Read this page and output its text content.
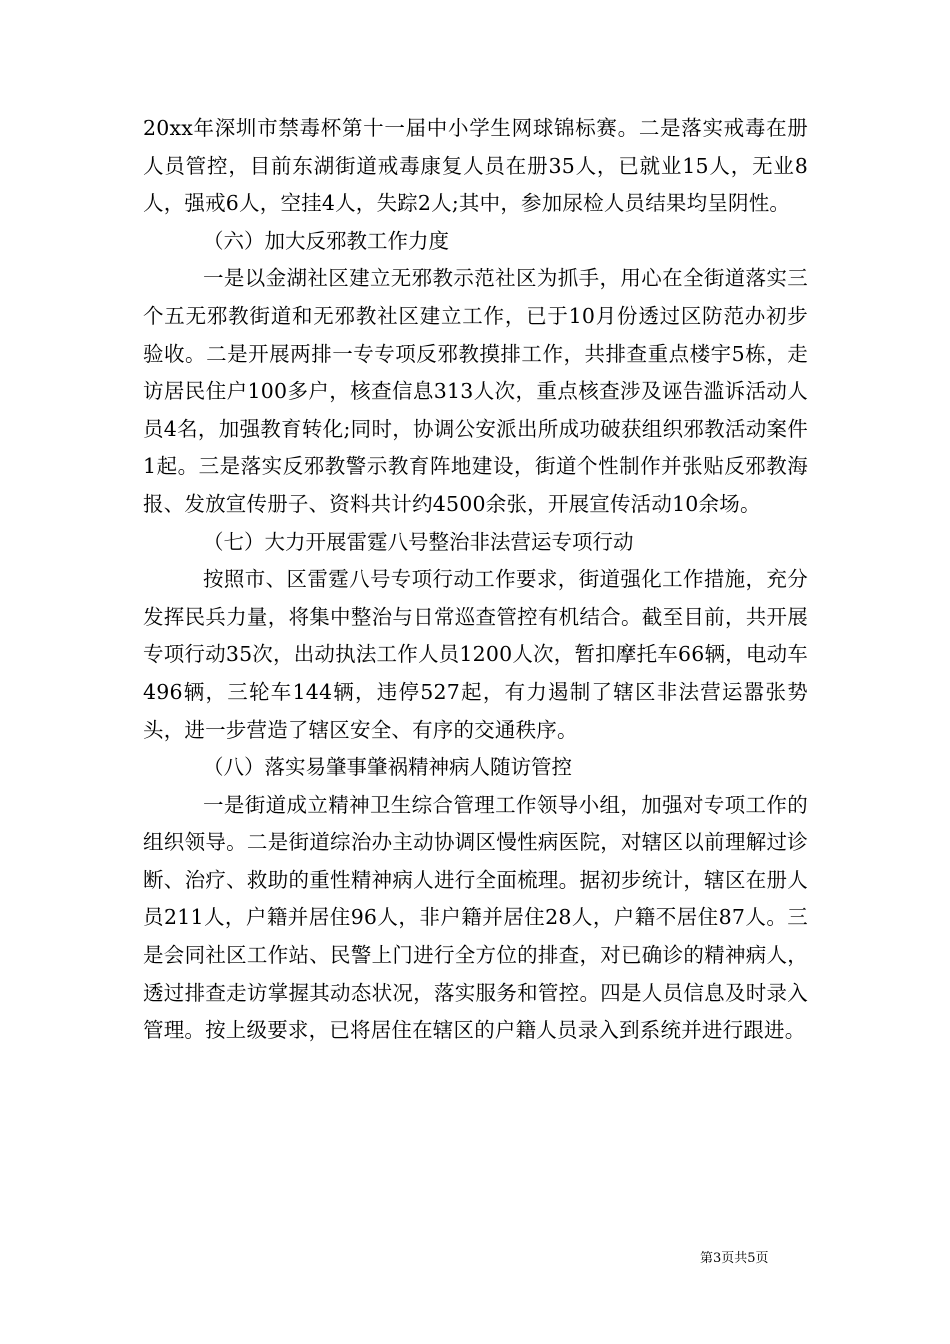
20xx年深圳市禁毒杯第十一届中小学生网球锦标赛。二是落实戒毒在册人员管控，目前东湖街道戒毒康复人员在册35人，已就业15人，无业8人，强戒6人，空挂4人，失踪2人;其中，参加尿检人员结果均呈阴性。

（六）加大反邪教工作力度

一是以金湖社区建立无邪教示范社区为抓手，用心在全街道落实三个五无邪教街道和无邪教社区建立工作，已于10月份透过区防范办初步验收。二是开展两排一专专项反邪教摸排工作，共排查重点楼宇5栋，走访居民住户100多户，核查信息313人次，重点核查涉及诬告滥诉活动人员4名，加强教育转化;同时，协调公安派出所成功破获组织邪教活动案件1起。三是落实反邪教警示教育阵地建设，街道个性制作并张贴反邪教海报、发放宣传册子、资料共计约4500余张，开展宣传活动10余场。

（七）大力开展雷霆八号整治非法营运专项行动

按照市、区雷霆八号专项行动工作要求，街道强化工作措施，充分发挥民兵力量，将集中整治与日常巡查管控有机结合。截至目前，共开展专项行动35次，出动执法工作人员1200人次，暂扣摩托车66辆，电动车496辆，三轮车144辆，违停527起，有力遏制了辖区非法营运嚣张势头，进一步营造了辖区安全、有序的交通秩序。

（八）落实易肇事肇祸精神病人随访管控

一是街道成立精神卫生综合管理工作领导小组，加强对专项工作的组织领导。二是街道综治办主动协调区慢性病医院，对辖区以前理解过诊断、治疗、救助的重性精神病人进行全面梳理。据初步统计，辖区在册人员211人，户籍并居住96人，非户籍并居住28人，户籍不居住87人。三是会同社区工作站、民警上门进行全方位的排查，对已确诊的精神病人，透过排查走访掌握其动态状况，落实服务和管控。四是人员信息及时录入管理。按上级要求，已将居住在辖区的户籍人员录入到系统并进行跟进。

第3页共5页
